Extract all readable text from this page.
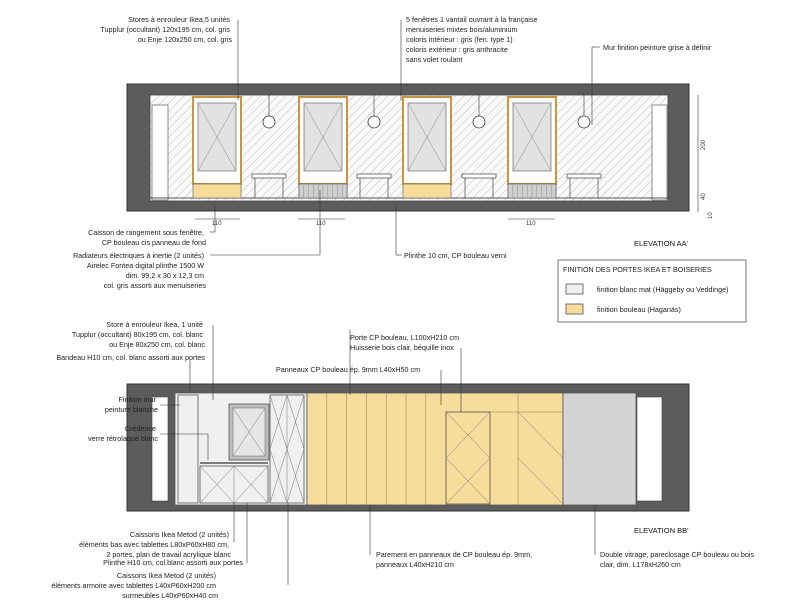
110	110	110
200
40
10
ELEVATION AA'
Stores à enrouleur Ikea,5 unités Tupplur (occultant) 120x195 cm, col. gris ou Enje 120x250 cm, col. gris
5 fenêtres 1 vantail ouvrant à la française menuiseries mixtes bois/aluminium coloris intérieur : gris (fen. type 1) coloris extérieur : gris anthracite sans volet roulant
Mur finition peinture grise à définir
Caisson de rangement sous fenêtre, CP bouleau cis panneau de fond
Radiateurs électriques à inertie (2 unités) Airelec Fontea digital plinthe 1500 W dim. 99,2 x 30 x 12,3 cm col. gris assorti aux menuiseries
Plinthe 10 cm, CP bouleau verni
FINITION DES PORTES IKEA ET BOISERIES
finition blanc mat (Häggeby ou Veddinge)
finition bouleau (Haganäs)
ELEVATION BB'
Store à enrouleur Ikea, 1 unité Tupplur (occultant) 80x195 cm, col. blanc ou Enje 80x250 cm, col. blanc
Bandeau H10 cm, col. blanc assorti aux portes
Finition mur peinture blanche
Crédence verre rétrolaqué blanc
Porte CP bouleau, L100xH210 cm Huisserie bois clair, béquille inox
Panneaux CP bouleau ép. 9mm L40xH50 cm
Caissons Ikea Metod (2 unités) éléments bas avec tablettes L80xP60xH80 cm, 2 portes, plan de travail acrylique blanc
Plinthe H10 cm, col.blanc assorti aux portes
Caissons Ikea Metod (2 unités) éléments armoire avec tablettes L40xP60xH200 cm surmeubles L40xP60xH40 cm
Parement en panneaux de CP bouleau ép. 9mm, panneaux L40xH210 cm
Double vitrage, pareclosage CP bouleau ou bois clair, dim. L178xH260 cm
